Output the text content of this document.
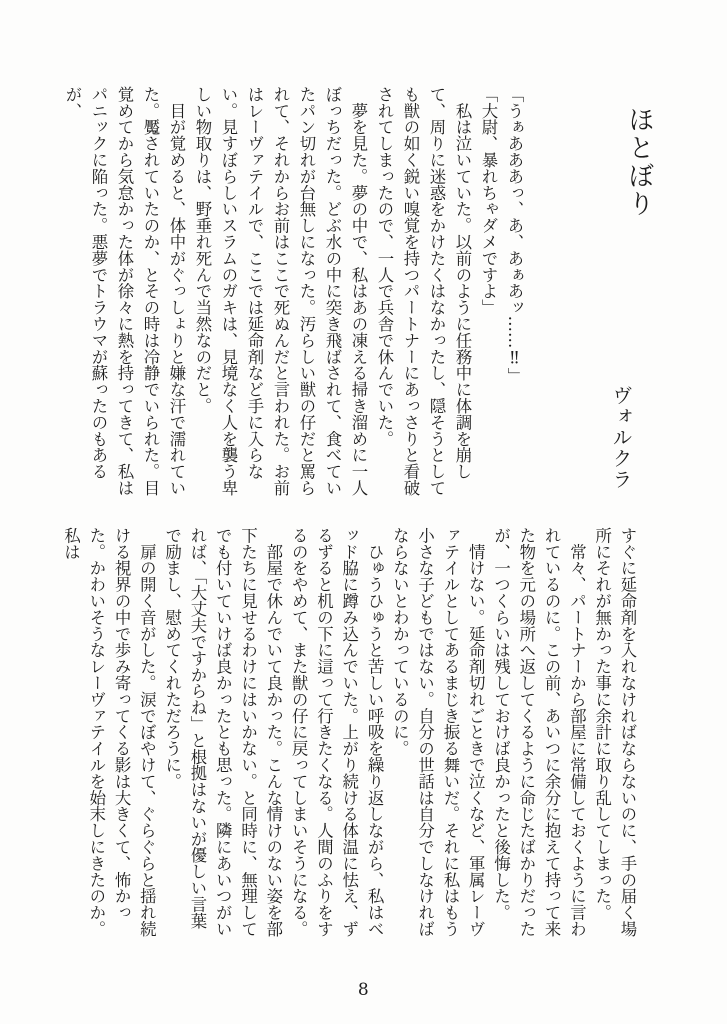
ほとぼり
ヴォルクラ

「うぁあああっ、あ、あぁあッ……‼」

「大尉、暴れちゃダメですよ」

　私は泣いていた。以前のように任務中に体調を崩して、周りに迷惑をかけたくはなかったし、隠そうとしても獣の如く鋭い嗅覚を持つパートナーにあっさりと看破されてしまったので、一人で兵舎で休んでいた。

　夢を見た。夢の中で、私はあの凍える掃き溜めに一人ぼっちだった。どぶ水の中に突き飛ばされて、食べていたパン切れが台無しになった。汚らしい獣の仔だと罵られて、それからお前はここで死ぬんだと言われた。お前はレーヴァテイルで、ここでは延命剤など手に入らない。見すぼらしいスラムのガキは、見境なく人を襲う卑しい物取りは、野垂れ死んで当然なのだと。

　目が覚めると、体中がぐっしょりと嫌な汗で濡れていた。魘されていたのか、とその時は冷静でいられた。目覚めてから気怠かった体が徐々に熱を持ってきて、私はパニックに陥った。悪夢でトラウマが蘇ったのもあるが、

すぐに延命剤を入れなければならないのに、手の届く場所にそれが無かった事に余計に取り乱してしまった。

　常々、パートナーから部屋に常備しておくように言われているのに。この前、あいつに余分に抱えて持って来た物を元の場所へ返してくるように命じたばかりだったが、一つくらいは残しておけば良かったと後悔した。

　情けない。延命剤切れごときで泣くなど、軍属レーヴァテイルとしてあるまじき振る舞いだ。それに私はもう小さな子どもではない。自分の世話は自分でしなければならないとわかっているのに。

　ひゅうひゅうと苦しい呼吸を繰り返しながら、私はベッド脇に蹲み込んでいた。上がり続ける体温に怯え、ずるずると机の下に這って行きたくなる。人間のふりをするのをやめて、また獣の仔に戻ってしまいそうになる。

　部屋で休んでいて良かった。こんな情けのない姿を部下たちに見せるわけにはいかない。と同時に、無理してでも付いていけば良かったとも思った。隣にあいつがいれば、「大丈夫ですからね」と根拠はないが優しい言葉で励まし、慰めてくれただろうに。

　扉の開く音がした。涙でぼやけて、ぐらぐらと揺れ続ける視界の中で歩み寄ってくる影は大きくて、怖かった。かわいそうなレーヴァテイルを始末しにきたのか。私は

8
